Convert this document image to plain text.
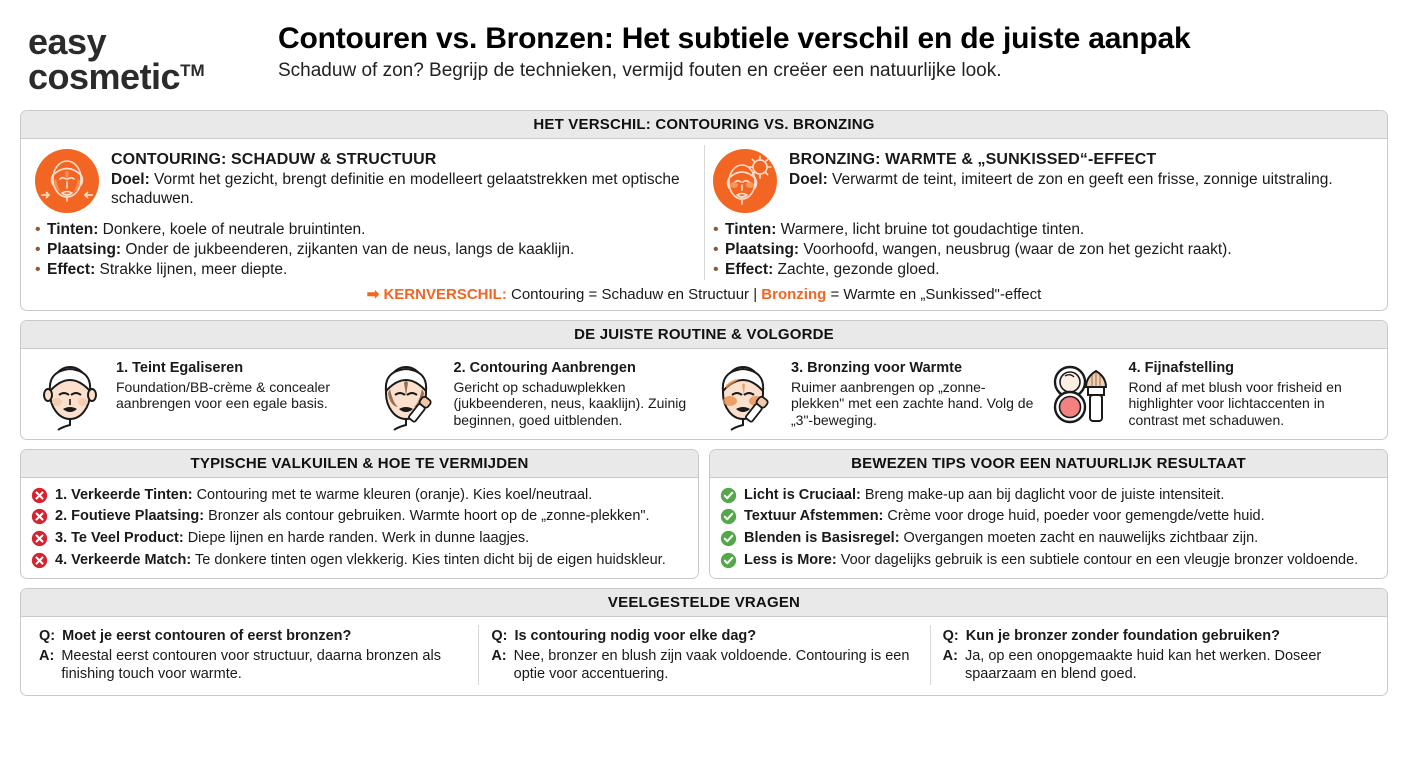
easy
cosmetic™
Contouren vs. Bronzen: Het subtiele verschil en de juiste aanpak
Schaduw of zon? Begrijp de technieken, vermijd fouten en creëer een natuurlijke look.
HET VERSCHIL: CONTOURING VS. BRONZING
CONTOURING: SCHADUW & STRUCTUUR
Doel: Vormt het gezicht, brengt definitie en modelleert gelaatstrekken met optische schaduwen.
• Tinten: Donkere, koele of neutrale bruintinten.
• Plaatsing: Onder de jukbeenderen, zijkanten van de neus, langs de kaaklijn.
• Effect: Strakke lijnen, meer diepte.
BRONZING: WARMTE & „SUNKISSED“-EFFECT
Doel: Verwarmt de teint, imiteert de zon en geeft een frisse, zonnige uitstraling.
• Tinten: Warmere, licht bruine tot goudachtige tinten.
• Plaatsing: Voorhoofd, wangen, neusbrug (waar de zon het gezicht raakt).
• Effect: Zachte, gezonde gloed.
➡ KERNVERSCHIL: Contouring = Schaduw en Structuur | Bronzing = Warmte en „Sunkissed"-effect
DE JUISTE ROUTINE & VOLGORDE
1. Teint Egaliseren
Foundation/BB-crème & concealer aanbrengen voor een egale basis.
2. Contouring Aanbrengen
Gericht op schaduwplekken (jukbeenderen, neus, kaaklijn). Zuinig beginnen, goed uitblenden.
3. Bronzing voor Warmte
Ruimer aanbrengen op „zonne-plekken" met een zachte hand. Volg de „3"-beweging.
4. Fijnafstelling
Rond af met blush voor frisheid en highlighter voor lichtaccenten in contrast met schaduwen.
TYPISCHE VALKUILEN & HOE TE VERMIJDEN
1. Verkeerde Tinten: Contouring met te warme kleuren (oranje). Kies koel/neutraal.
2. Foutieve Plaatsing: Bronzer als contour gebruiken. Warmte hoort op de „zonne-plekken".
3. Te Veel Product: Diepe lijnen en harde randen. Werk in dunne laagjes.
4. Verkeerde Match: Te donkere tinten ogen vlekkerig. Kies tinten dicht bij de eigen huidskleur.
BEWEZEN TIPS VOOR EEN NATUURLIJK RESULTAAT
Licht is Cruciaal: Breng make-up aan bij daglicht voor de juiste intensiteit.
Textuur Afstemmen: Crème voor droge huid, poeder voor gemengde/vette huid.
Blenden is Basisregel: Overgangen moeten zacht en nauwelijks zichtbaar zijn.
Less is More: Voor dagelijks gebruik is een subtiele contour en een vleugje bronzer voldoende.
VEELGESTELDE VRAGEN
Q: Moet je eerst contouren of eerst bronzen?
A: Meestal eerst contouren voor structuur, daarna bronzen als finishing touch voor warmte.
Q: Is contouring nodig voor elke dag?
A: Nee, bronzer en blush zijn vaak voldoende. Contouring is een optie voor accentuering.
Q: Kun je bronzer zonder foundation gebruiken?
A: Ja, op een onopgemaakte huid kan het werken. Doseer spaarzaam en blend goed.
